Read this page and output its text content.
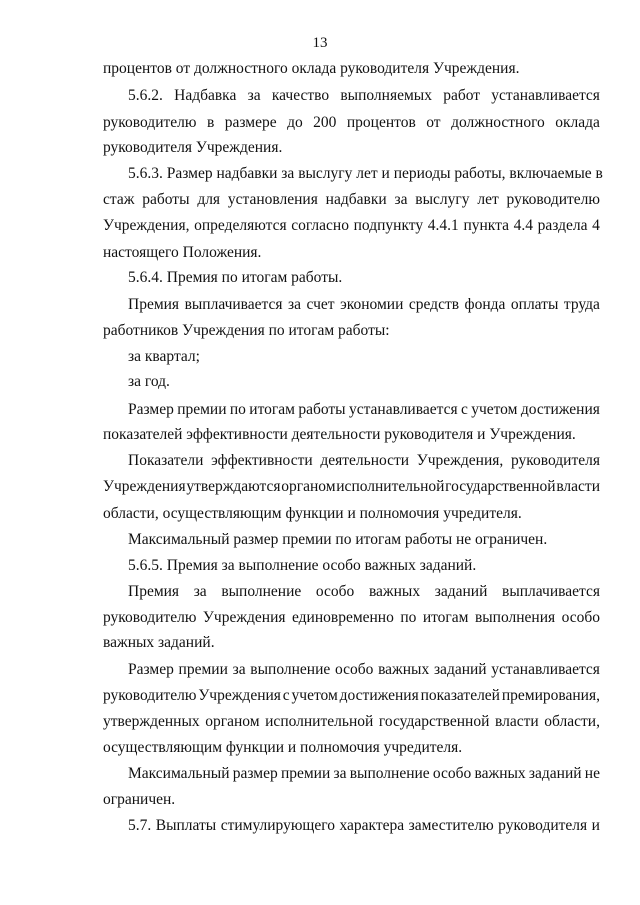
13
процентов от должностного оклада руководителя Учреждения.
5.6.2. Надбавка за качество выполняемых работ устанавливается
руководителю в размере до 200 процентов от должностного оклада
руководителя Учреждения.
5.6.3. Размер надбавки за выслугу лет и периоды работы, включаемые в
стаж работы для установления надбавки за выслугу лет руководителю
Учреждения, определяются согласно подпункту 4.4.1 пункта 4.4 раздела 4
настоящего Положения.
5.6.4. Премия по итогам работы.
Премия выплачивается за счет экономии средств фонда оплаты труда
работников Учреждения по итогам работы:
за квартал;
за год.
Размер премии по итогам работы устанавливается с учетом достижения
показателей эффективности деятельности руководителя и Учреждения.
Показатели эффективности деятельности Учреждения, руководителя
Учреждения утверждаются органом исполнительной государственной власти
области, осуществляющим функции и полномочия учредителя.
Максимальный размер премии по итогам работы не ограничен.
5.6.5. Премия за выполнение особо важных заданий.
Премия за выполнение особо важных заданий выплачивается
руководителю Учреждения единовременно по итогам выполнения особо
важных заданий.
Размер премии за выполнение особо важных заданий устанавливается
руководителю Учреждения с учетом достижения показателей премирования,
утвержденных органом исполнительной государственной власти области,
осуществляющим функции и полномочия учредителя.
Максимальный размер премии за выполнение особо важных заданий не
ограничен.
5.7. Выплаты стимулирующего характера заместителю руководителя и
